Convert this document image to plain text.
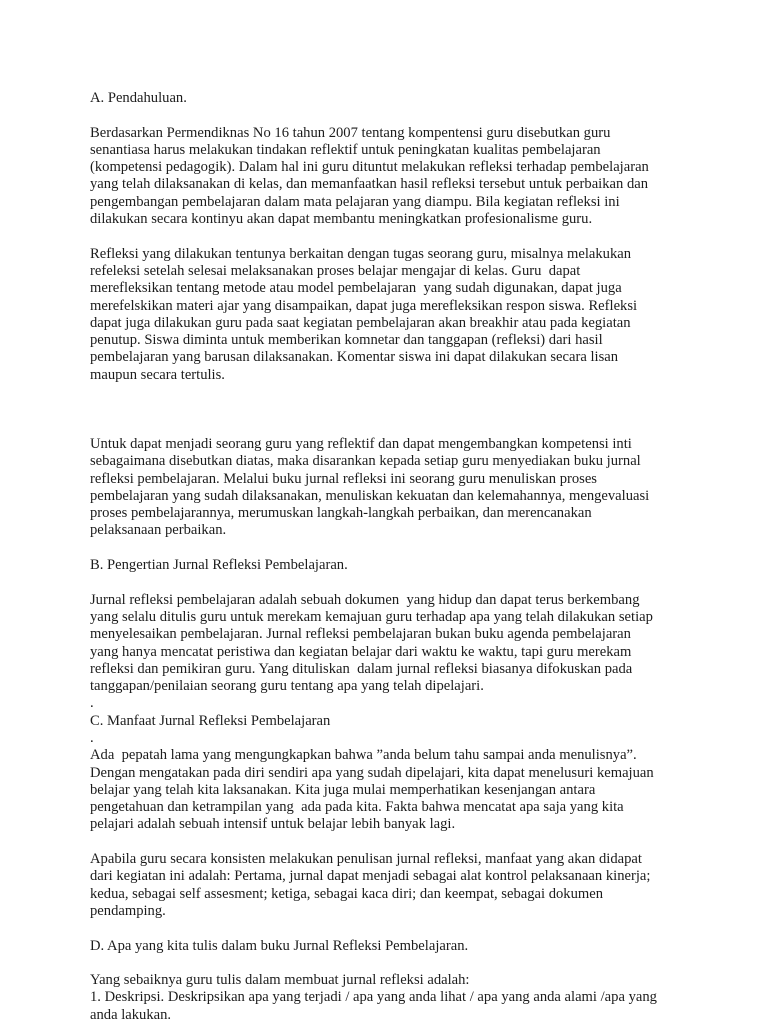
A. Pendahuluan.
Berdasarkan Permendiknas No 16 tahun 2007 tentang kompentensi guru disebutkan guru
senantiasa harus melakukan tindakan reflektif untuk peningkatan kualitas pembelajaran
(kompetensi pedagogik). Dalam hal ini guru dituntut melakukan refleksi terhadap pembelajaran
yang telah dilaksanakan di kelas, dan memanfaatkan hasil refleksi tersebut untuk perbaikan dan
pengembangan pembelajaran dalam mata pelajaran yang diampu. Bila kegiatan refleksi ini
dilakukan secara kontinyu akan dapat membantu meningkatkan profesionalisme guru.
Refleksi yang dilakukan tentunya berkaitan dengan tugas seorang guru, misalnya melakukan
refeleksi setelah selesai melaksanakan proses belajar mengajar di kelas. Guru  dapat
merefleksikan tentang metode atau model pembelajaran  yang sudah digunakan, dapat juga
merefelskikan materi ajar yang disampaikan, dapat juga merefleksikan respon siswa. Refleksi
dapat juga dilakukan guru pada saat kegiatan pembelajaran akan breakhir atau pada kegiatan
penutup. Siswa diminta untuk memberikan komnetar dan tanggapan (refleksi) dari hasil
pembelajaran yang barusan dilaksanakan. Komentar siswa ini dapat dilakukan secara lisan
maupun secara tertulis.
Untuk dapat menjadi seorang guru yang reflektif dan dapat mengembangkan kompetensi inti
sebagaimana disebutkan diatas, maka disarankan kepada setiap guru menyediakan buku jurnal
refleksi pembelajaran. Melalui buku jurnal refleksi ini seorang guru menuliskan proses
pembelajaran yang sudah dilaksanakan, menuliskan kekuatan dan kelemahannya, mengevaluasi
proses pembelajarannya, merumuskan langkah-langkah perbaikan, dan merencanakan
pelaksanaan perbaikan.
B. Pengertian Jurnal Refleksi Pembelajaran.
Jurnal refleksi pembelajaran adalah sebuah dokumen  yang hidup dan dapat terus berkembang
yang selalu ditulis guru untuk merekam kemajuan guru terhadap apa yang telah dilakukan setiap
menyelesaikan pembelajaran. Jurnal refleksi pembelajaran bukan buku agenda pembelajaran
yang hanya mencatat peristiwa dan kegiatan belajar dari waktu ke waktu, tapi guru merekam
refleksi dan pemikiran guru. Yang dituliskan  dalam jurnal refleksi biasanya difokuskan pada
tanggapan/penilaian seorang guru tentang apa yang telah dipelajari.
.
C. Manfaat Jurnal Refleksi Pembelajaran
.
Ada  pepatah lama yang mengungkapkan bahwa ”anda belum tahu sampai anda menulisnya”.
Dengan mengatakan pada diri sendiri apa yang sudah dipelajari, kita dapat menelusuri kemajuan
belajar yang telah kita laksanakan. Kita juga mulai memperhatikan kesenjangan antara
pengetahuan dan ketrampilan yang  ada pada kita. Fakta bahwa mencatat apa saja yang kita
pelajari adalah sebuah intensif untuk belajar lebih banyak lagi.
Apabila guru secara konsisten melakukan penulisan jurnal refleksi, manfaat yang akan didapat
dari kegiatan ini adalah: Pertama, jurnal dapat menjadi sebagai alat kontrol pelaksanaan kinerja;
kedua, sebagai self assesment; ketiga, sebagai kaca diri; dan keempat, sebagai dokumen
pendamping.
D. Apa yang kita tulis dalam buku Jurnal Refleksi Pembelajaran.
Yang sebaiknya guru tulis dalam membuat jurnal refleksi adalah:
1. Deskripsi. Deskripsikan apa yang terjadi / apa yang anda lihat / apa yang anda alami /apa yang
anda lakukan.
